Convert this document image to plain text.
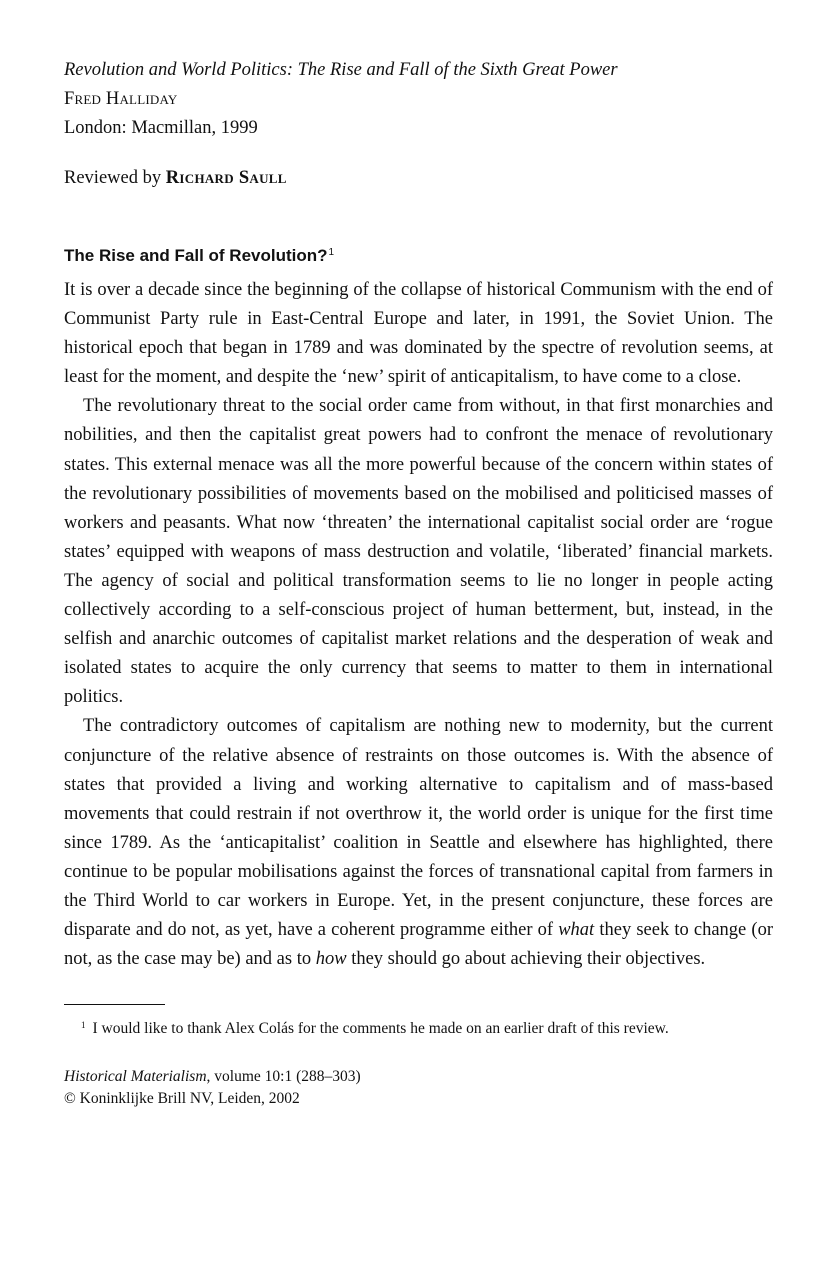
Revolution and World Politics: The Rise and Fall of the Sixth Great Power

Fred Halliday

London: Macmillan, 1999

Reviewed by Richard Saull

The Rise and Fall of Revolution?$^1$

It is over a decade since the beginning of the collapse of historical Communism with the end of Communist Party rule in East-Central Europe and later, in 1991, the Soviet Union. The historical epoch that began in 1789 and was dominated by the spectre of revolution seems, at least for the moment, and despite the ‘new’ spirit of anticapitalism, to have come to a close.

The revolutionary threat to the social order came from without, in that first monarchies and nobilities, and then the capitalist great powers had to confront the menace of revolutionary states. This external menace was all the more powerful because of the concern within states of the revolutionary possibilities of movements based on the mobilised and politicised masses of workers and peasants. What now ‘threaten’ the international capitalist social order are ‘rogue states’ equipped with weapons of mass destruction and volatile, ‘liberated’ financial markets. The agency of social and political transformation seems to lie no longer in people acting collectively according to a self-conscious project of human betterment, but, instead, in the selfish and anarchic outcomes of capitalist market relations and the desperation of weak and isolated states to acquire the only currency that seems to matter to them in international politics.

The contradictory outcomes of capitalism are nothing new to modernity, but the current conjuncture of the relative absence of restraints on those outcomes is. With the absence of states that provided a living and working alternative to capitalism and of mass-based movements that could restrain if not overthrow it, the world order is unique for the first time since 1789. As the ‘anticapitalist’ coalition in Seattle and elsewhere has highlighted, there continue to be popular mobilisations against the forces of transnational capital from farmers in the Third World to car workers in Europe. Yet, in the present conjuncture, these forces are disparate and do not, as yet, have a coherent programme either of what they seek to change (or not, as the case may be) and as to how they should go about achieving their objectives.

$^1$ I would like to thank Alex Colás for the comments he made on an earlier draft of this review.

Historical Materialism, volume 10:1 (288–303)

© Koninklijke Brill NV, Leiden, 2002
